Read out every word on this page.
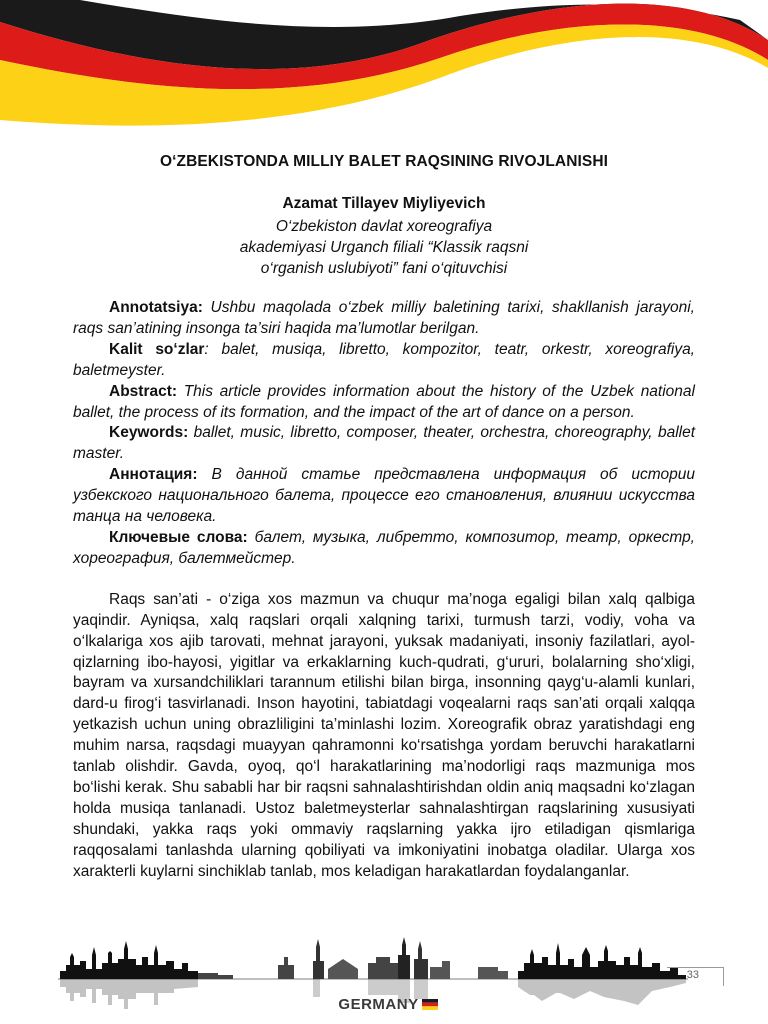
O‘ZBEKISTONDA MILLIY BALET RAQSINING RIVOJLANISHI
Azamat Tillayev Miyliyevich
O‘zbekiston davlat xoreografiya
akademiyasi Urganch filiali “Klassik raqsni
o‘rganish uslubiyoti” fani o‘qituvchisi

Annotatsiya: Ushbu maqolada o‘zbek milliy baletining tarixi, shakllanish jarayoni, raqs san’atining insonga ta’siri haqida ma’lumotlar berilgan.

Kalit so‘zlar: balet, musiqa, libretto, kompozitor, teatr, orkestr, xoreografiya, baletmeyster.

Abstract: This article provides information about the history of the Uzbek national ballet, the process of its formation, and the impact of the art of dance on a person.

Keywords: ballet, music, libretto, composer, theater, orchestra, choreography, ballet master.

Аннотация: В данной статье представлена информация об истории узбекского национального балета, процессе его становления, влиянии искусства танца на человека.

Ключевые слова: балет, музыка, либретто, композитор, театр, оркестр, хореография, балетмейстер.

Raqs san’ati - o‘ziga xos mazmun va chuqur ma’noga egaligi bilan xalq qalbiga yaqindir. Ayniqsa, xalq raqslari orqali xalqning tarixi, turmush tarzi, vodiy, voha va o‘lkalariga xos ajib tarovati, mehnat jarayoni, yuksak madaniyati, insoniy fazilatlari, ayol-qizlarning ibo-hayosi, yigitlar va erkaklarning kuch-qudrati, g‘ururi, bolalarning sho‘xligi, bayram va xursandchiliklari tarannum etilishi bilan birga, insonning qayg‘u-alamli kunlari, dard-u firog‘i tasvirlanadi. Inson hayotini, tabiatdagi voqealarni raqs san’ati orqali xalqqa yetkazish uchun uning obrazliligini ta’minlashi lozim. Xoreografik obraz yaratishdagi eng muhim narsa, raqsdagi muayyan qahramonni ko‘rsatishga yordam beruvchi harakatlarni tanlab olishdir. Gavda, oyoq, qo‘l harakatlarining ma’nodorligi raqs mazmuniga mos bo‘lishi kerak. Shu sababli har bir raqsni sahnalashtirishdan oldin aniq maqsadni ko‘zlagan holda musiqa tanlanadi. Ustoz baletmeysterlar sahnalashtirgan raqslarining xususiyati shundaki, yakka raqs yoki ommaviy raqslarning yakka ijro etiladigan qismlariga raqqosalami tanlashda ularning qobiliyati va imkoniyatini inobatga oladilar. Ularga xos xarakterli kuylarni sinchiklab tanlab, mos keladigan harakatlardan foydalanganlar.

GERMANY
33
